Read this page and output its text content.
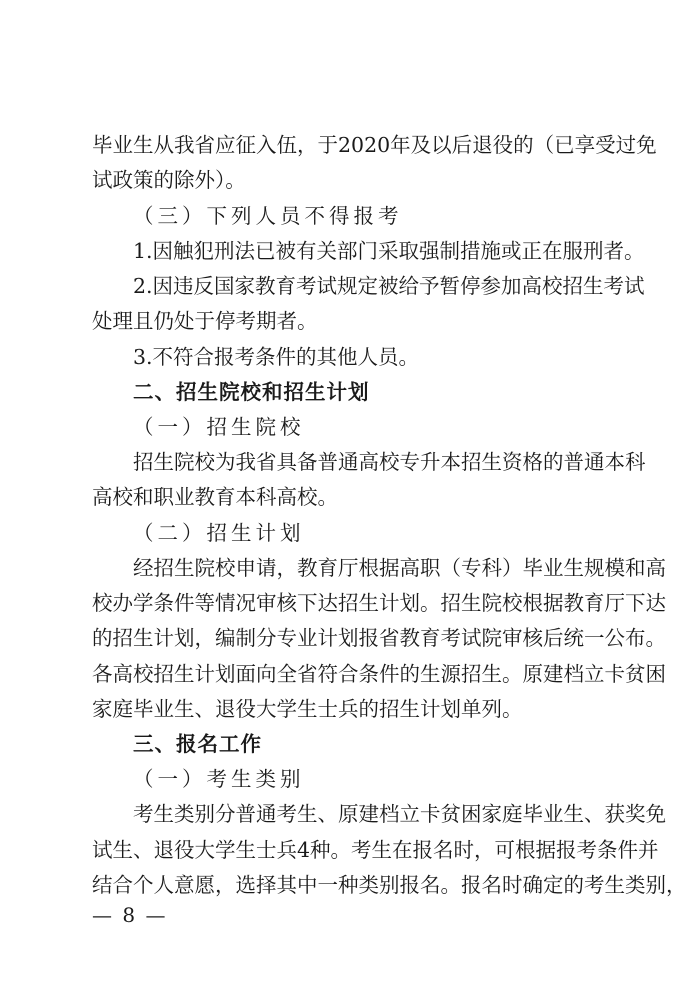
毕业生从我省应征入伍，于2020年及以后退役的（已享受过免
试政策的除外）。
（三）下列人员不得报考
1.因触犯刑法已被有关部门采取强制措施或正在服刑者。
2.因违反国家教育考试规定被给予暂停参加高校招生考试
处理且仍处于停考期者。
3.不符合报考条件的其他人员。
二、招生院校和招生计划
（一）招生院校
招生院校为我省具备普通高校专升本招生资格的普通本科
高校和职业教育本科高校。
（二）招生计划
经招生院校申请，教育厅根据高职（专科）毕业生规模和高
校办学条件等情况审核下达招生计划。招生院校根据教育厅下达
的招生计划，编制分专业计划报省教育考试院审核后统一公布。
各高校招生计划面向全省符合条件的生源招生。原建档立卡贫困
家庭毕业生、退役大学生士兵的招生计划单列。
三、报名工作
（一）考生类别
考生类别分普通考生、原建档立卡贫困家庭毕业生、获奖免
试生、退役大学生士兵4种。考生在报名时，可根据报考条件并
结合个人意愿，选择其中一种类别报名。报名时确定的考生类别，
— 8 —
